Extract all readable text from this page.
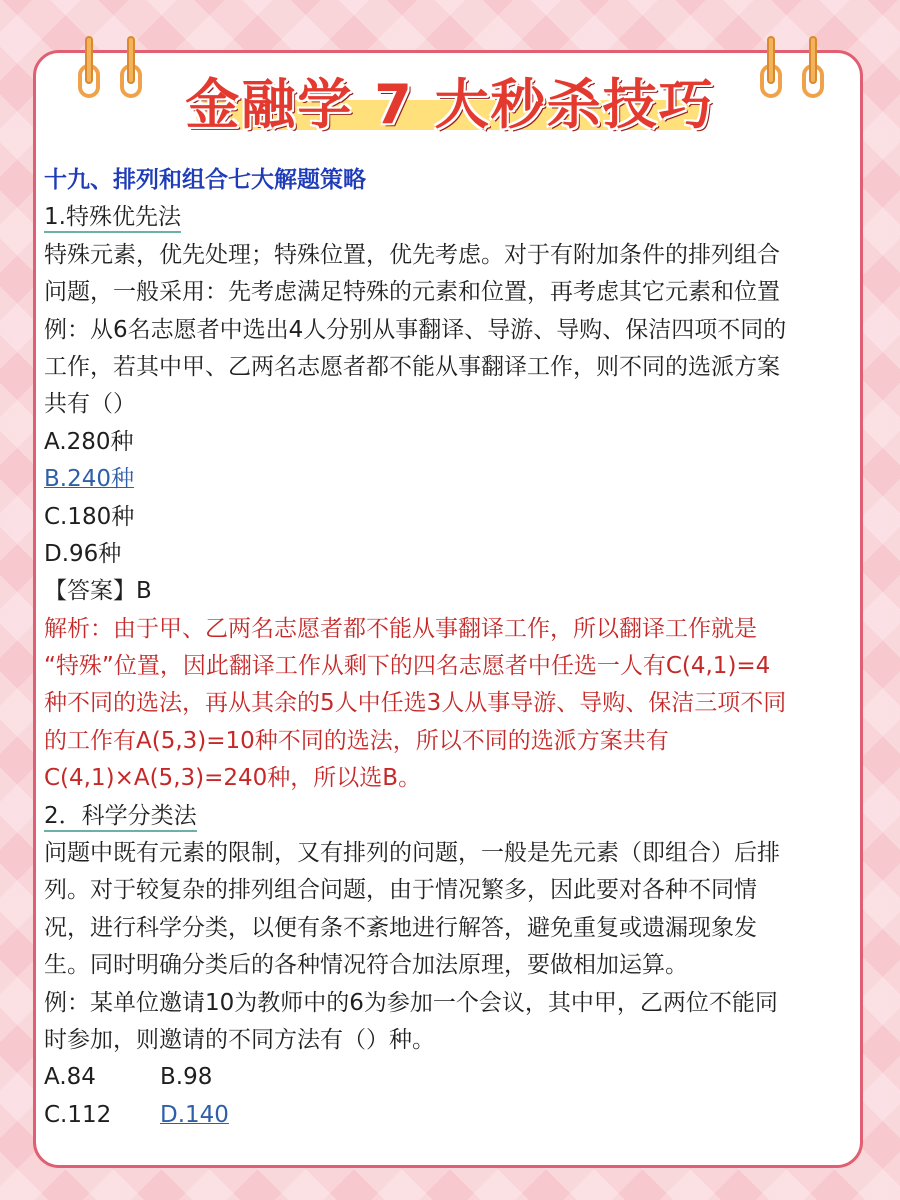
金融学 7 大秒杀技巧
十九、排列和组合七大解题策略
1.特殊优先法
特殊元素，优先处理；特殊位置，优先考虑。对于有附加条件的排列组合
问题，一般采用：先考虑满足特殊的元素和位置，再考虑其它元素和位置
例：从6名志愿者中选出4人分别从事翻译、导游、导购、保洁四项不同的
工作，若其中甲、乙两名志愿者都不能从事翻译工作，则不同的选派方案
共有（）
A.280种
B.240种
C.180种
D.96种
【答案】B
解析：由于甲、乙两名志愿者都不能从事翻译工作，所以翻译工作就是
“特殊”位置，因此翻译工作从剩下的四名志愿者中任选一人有C(4,1)=4
种不同的选法，再从其余的5人中任选3人从事导游、导购、保洁三项不同
的工作有A(5,3)=10种不同的选法，所以不同的选派方案共有
C(4,1)×A(5,3)=240种，所以选B。
2．科学分类法
问题中既有元素的限制，又有排列的问题，一般是先元素（即组合）后排
列。对于较复杂的排列组合问题，由于情况繁多，因此要对各种不同情
况，进行科学分类，以便有条不紊地进行解答，避免重复或遗漏现象发
生。同时明确分类后的各种情况符合加法原理，要做相加运算。
例：某单位邀请10为教师中的6为参加一个会议，其中甲，乙两位不能同
时参加，则邀请的不同方法有（）种。
A.84	B.98
C.112 D.140
